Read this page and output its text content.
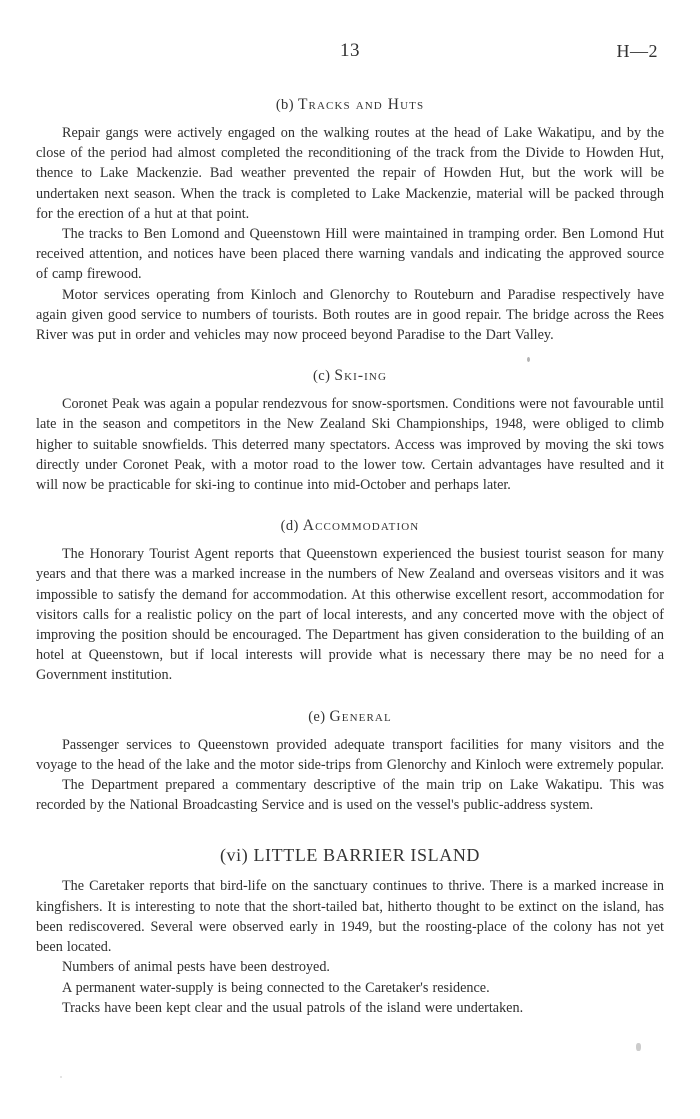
13	H—2
(b) Tracks and Huts

Repair gangs were actively engaged on the walking routes at the head of Lake Wakatipu, and by the close of the period had almost completed the reconditioning of the track from the Divide to Howden Hut, thence to Lake Mackenzie. Bad weather prevented the repair of Howden Hut, but the work will be undertaken next season. When the track is completed to Lake Mackenzie, material will be packed through for the erection of a hut at that point.

The tracks to Ben Lomond and Queenstown Hill were maintained in tramping order. Ben Lomond Hut received attention, and notices have been placed there warning vandals and indicating the approved source of camp firewood.

Motor services operating from Kinloch and Glenorchy to Routeburn and Paradise respectively have again given good service to numbers of tourists. Both routes are in good repair. The bridge across the Rees River was put in order and vehicles may now proceed beyond Paradise to the Dart Valley.

(c) Ski-ing

Coronet Peak was again a popular rendezvous for snow-sportsmen. Conditions were not favourable until late in the season and competitors in the New Zealand Ski Championships, 1948, were obliged to climb higher to suitable snowfields. This deterred many spectators. Access was improved by moving the ski tows directly under Coronet Peak, with a motor road to the lower tow. Certain advantages have resulted and it will now be practicable for ski-ing to continue into mid-October and perhaps later.

(d) Accommodation

The Honorary Tourist Agent reports that Queenstown experienced the busiest tourist season for many years and that there was a marked increase in the numbers of New Zealand and overseas visitors and it was impossible to satisfy the demand for accommodation. At this otherwise excellent resort, accommodation for visitors calls for a realistic policy on the part of local interests, and any concerted move with the object of improving the position should be encouraged. The Department has given consideration to the building of an hotel at Queenstown, but if local interests will provide what is necessary there may be no need for a Government institution.

(e) General

Passenger services to Queenstown provided adequate transport facilities for many visitors and the voyage to the head of the lake and the motor side-trips from Glenorchy and Kinloch were extremely popular.

The Department prepared a commentary descriptive of the main trip on Lake Wakatipu. This was recorded by the National Broadcasting Service and is used on the vessel's public-address system.

(vi) LITTLE BARRIER ISLAND

The Caretaker reports that bird-life on the sanctuary continues to thrive. There is a marked increase in kingfishers. It is interesting to note that the short-tailed bat, hitherto thought to be extinct on the island, has been rediscovered. Several were observed early in 1949, but the roosting-place of the colony has not yet been located.

Numbers of animal pests have been destroyed.

A permanent water-supply is being connected to the Caretaker's residence.

Tracks have been kept clear and the usual patrols of the island were undertaken.
